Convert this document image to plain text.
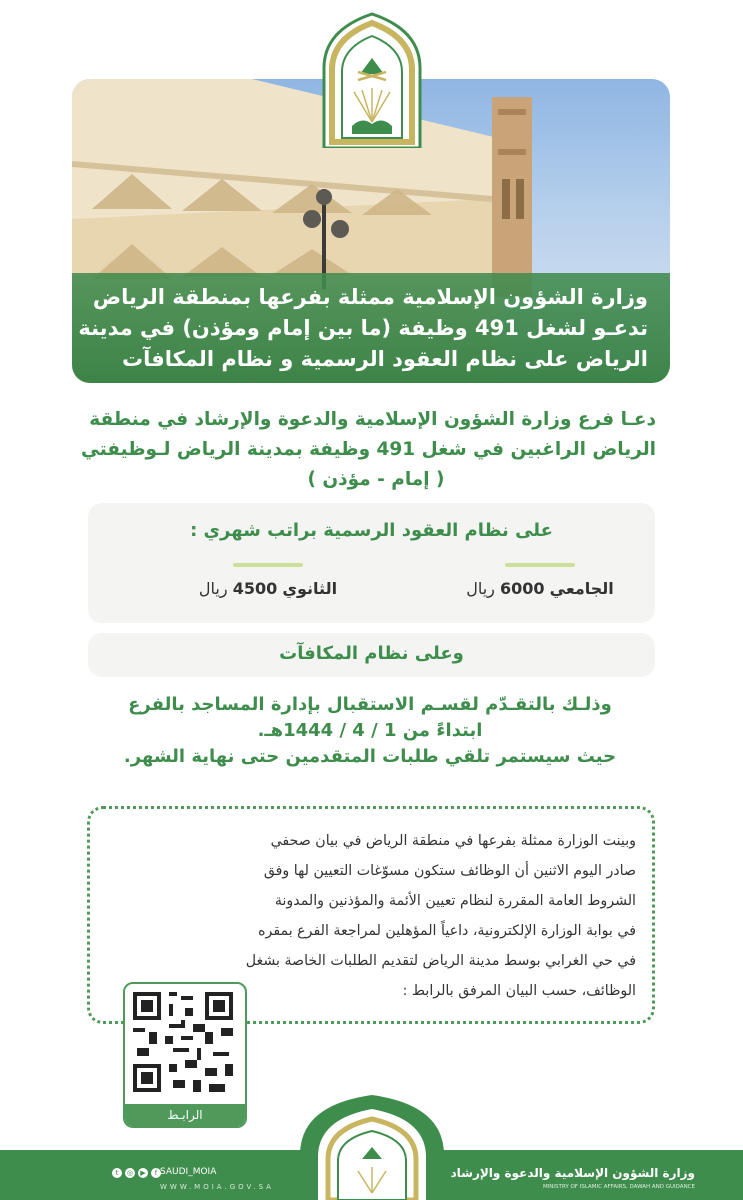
وزارة الشؤون الإسلامية ممثلة بفرعها بمنطقة الرياض
تدعـو لشغل 491 وظيفة (ما بين إمام ومؤذن) في مدينة
الرياض على نظام العقود الرسمية و نظام المكافآت
دعـا فرع وزارة الشؤون الإسلامية والدعوة والإرشاد في منطقة
الرياض الراغبين في شغل 491 وظيفة بمدينة الرياض لـوظيفتي
( إمام - مؤذن )
على نظام العقود الرسمية براتب شهري :
الجامعي 6000 ريال
الثانوي 4500 ريال
وعلى نظام المكافآت
وذلـك بالتقـدّم لقسـم الاستقبال بإدارة المساجد بالفرع
ابتداءً من 1 / 4 / 1444هـ.
حيث سيستمر تلقي طلبات المتقدمين حتى نهاية الشهر.
وبينت الوزارة ممثلة بفرعها في منطقة الرياض في بيان صحفي
صادر اليوم الاثنين أن الوظائف ستكون مسوّغات التعيين لها وفق
الشروط العامة المقررة لنظام تعيين الأئمة والمؤذنين والمدونة
في بوابة الوزارة الإلكترونية، داعياً المؤهلين لمراجعة الفرع بمقره
في حي الغرابي بوسط مدينة الرياض لتقديم الطلبات الخاصة بشغل
الوظائف، حسب البيان المرفق بالرابط :
الرابـط
وزارة الشؤون الإسلامية والدعوة والإرشاد
MINISTRY OF ISLAMIC AFFAIRS, DAWAH AND GUIDANCE
t	◎	▶	f SAUDI_MOIA
WWW.MOIA.GOV.SA
